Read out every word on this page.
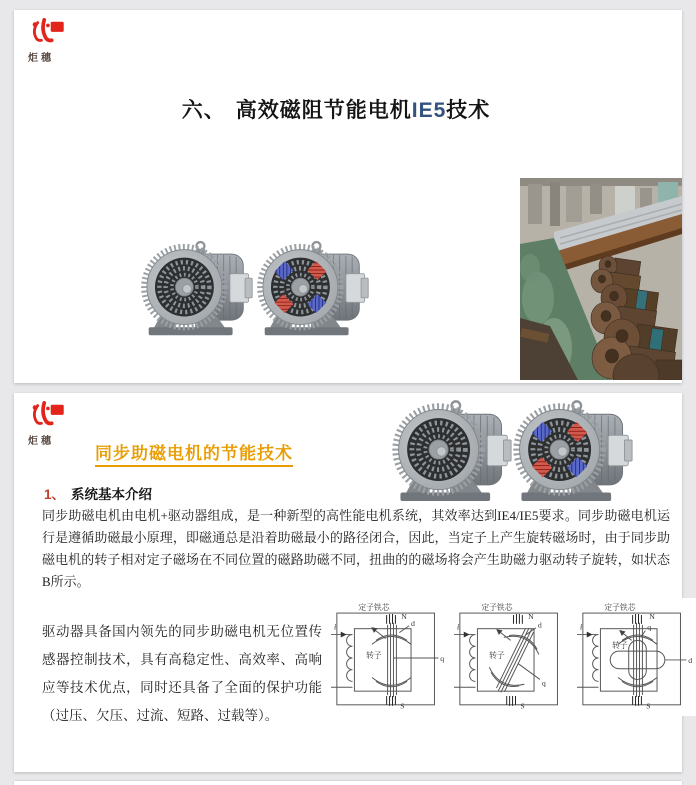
炬穗
六、 高效磁阻节能电机IE5技术
炬穗
同步助磁电机的节能技术
1、 系统基本介绍
同步助磁电机由电机+驱动器组成，是一种新型的高性能电机系统，其效率达到IE4/IE5要求。同步助磁电机运行是遵循助磁最小原理，即磁通总是沿着助磁最小的路径闭合，因此，当定子上产生旋转磁场时，由于同步助磁电机的转子相对定子磁场在不同位置的磁路助磁不同，扭曲的的磁场将会产生助磁力驱动转子旋转，如状态B所示。
驱动器具备国内领先的同步助磁电机无位置传感器控制技术，具有高稳定性、高效率、高响应等技术优点，同时还具备了全面的保护功能（过压、欠压、过流、短路、过载等）。
定子铁芯
i
N
S
d
q
转子
定子铁芯
i
N
S
d
q
转子
定子铁芯
i
N
S
q
d
转子
